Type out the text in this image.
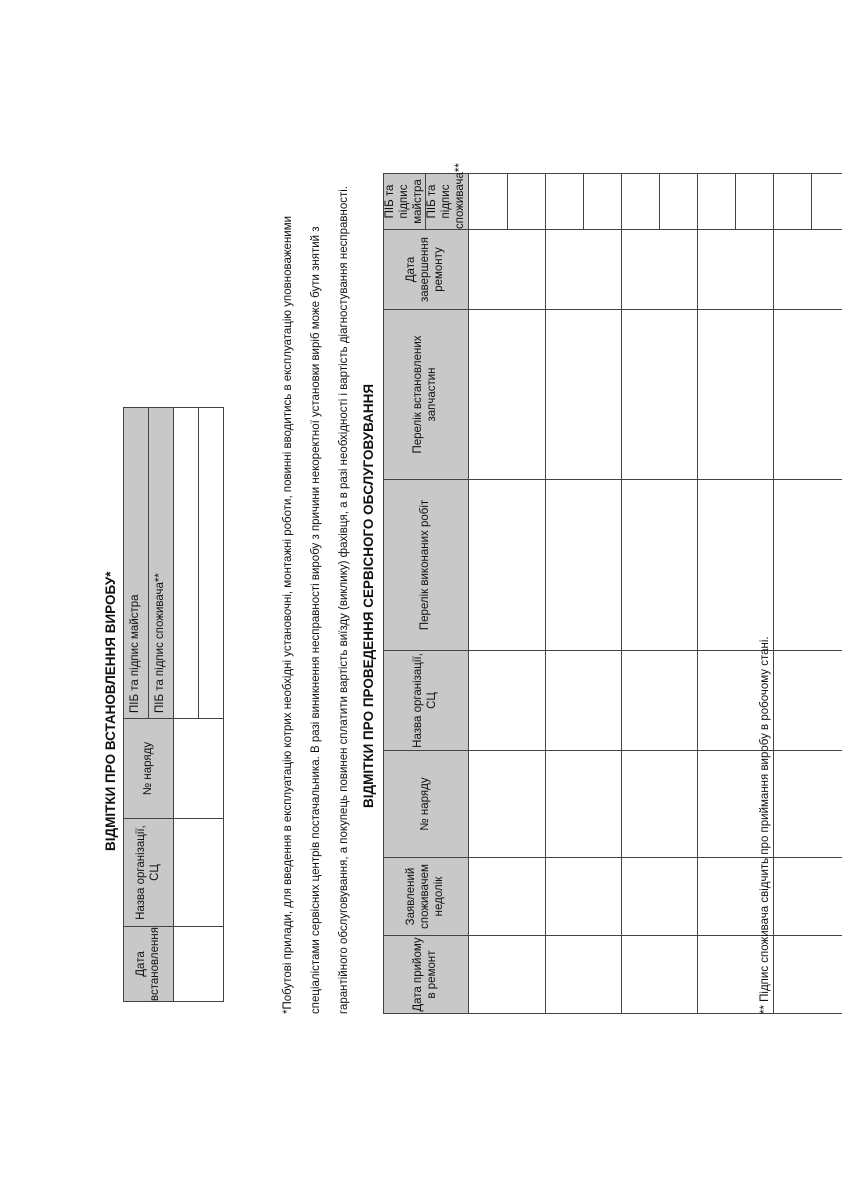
ВІДМІТКИ ПРО ВСТАНОВЛЕННЯ ВИРОБУ*
Дата встановлення	Назва організації, СЦ	№ наряду	ПІБ та підпис майстра
			ПІБ та підпис споживача**
				*Побутові прилади, для введення в експлуатацію котрих необхідні установочні, монтажні роботи, повинні вводитись в експлуатацію уповноваженими спеціалістами сервісних центрів постачальника. В разі виникнення несправності виробу з причини некоректної установки виріб може бути знятий з гарантійного обслуговування, а покупець повинен сплатити вартість виїзду (виклику) фахівця, а в разі необхідності і вартість діагностування несправності. ВІДМІТКИ ПРО ПРОВЕДЕННЯ СЕРВІСНОГО ОБСЛУГОВУВАННЯ
Дата прийому в ремонт	Заявлений споживачем недолік	№ наряду	Назва організації, СЦ	Перелік виконаних робіт	Перелік встановлених запчастин	Дата завершення ремонту	ПІБ та підпис майстра
							ПІБ та підпис споживача**

** Підпис споживача свідчить про приймання виробу в робочому стані.
